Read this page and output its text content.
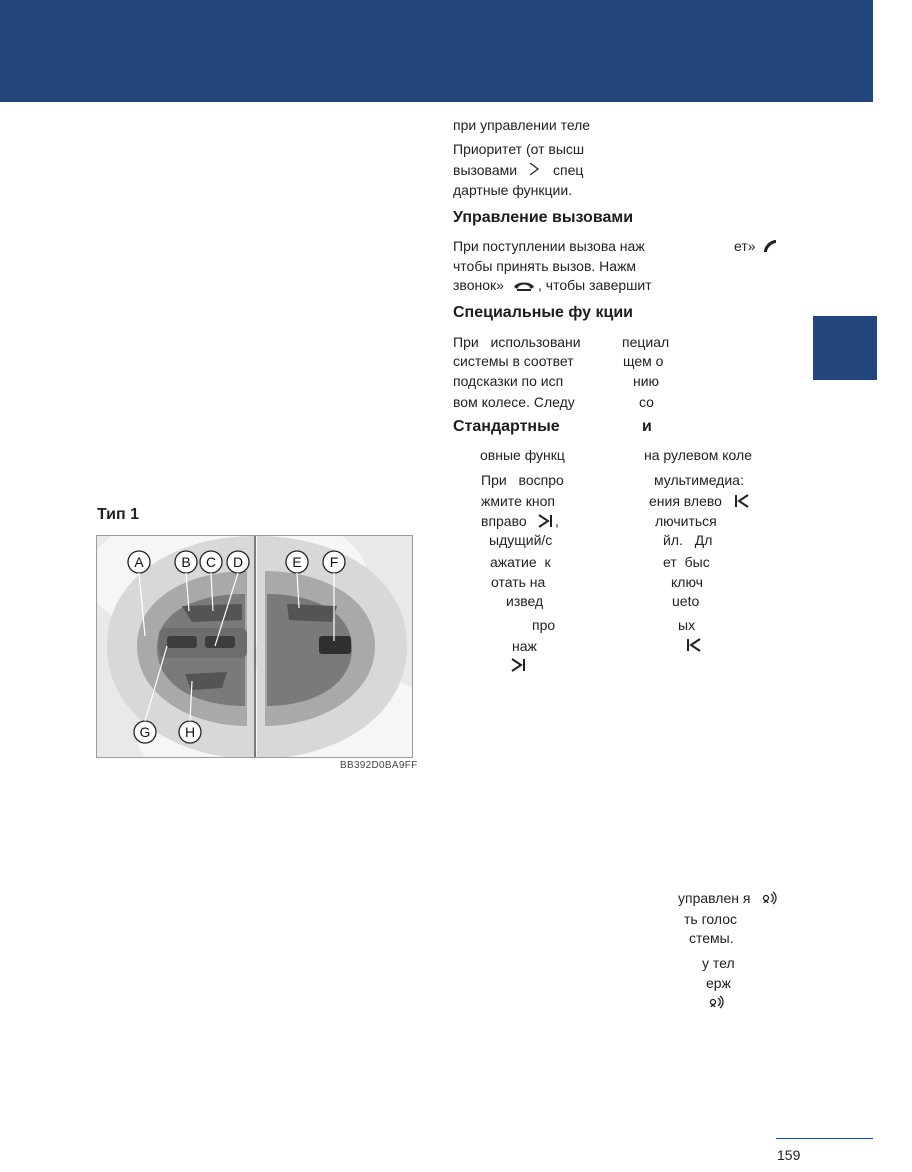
при управлении теле
Приоритет (от высш
вызовами	спец
дартные функции.
Управление вызовами
При поступлении вызова наж	ет»
чтобы принять вызов. Нажм
звонок» , чтобы завершит
Специальные фу кции
При использовани	пециал
системы в соответ	щем о
подсказки по исп	нию
вом колесе. Следу	со
Стандартные	и
овные функц	на рулевом коле
При воспро	мультимедиа:
жмите кноп	ения влево
вправо ,	лючиться
ыдущий/с	йл. Дл
ажатие к	ет быс
отать на	ключ
извед	ueto
про	ых
наж
управлен я
ть голос
стемы.
у тел
ерж
Тип 1
A	B C D	E F
G H
BB392D0BA9FF
159
